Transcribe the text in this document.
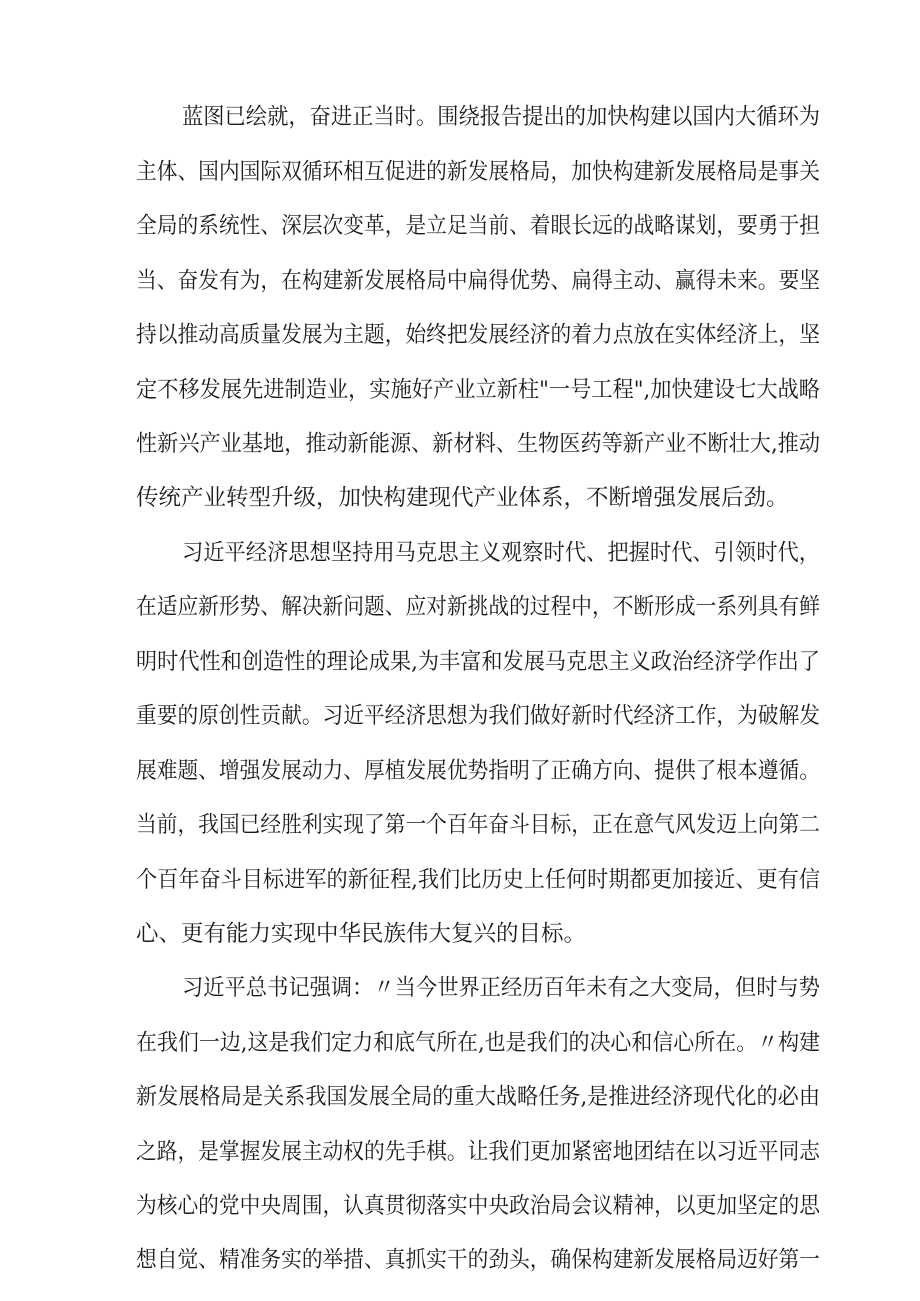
蓝图已绘就，奋进正当时。围绕报告提出的加快构建以国内大循环为
主体、国内国际双循环相互促进的新发展格局，加快构建新发展格局是事关
全局的系统性、深层次变革，是立足当前、着眼长远的战略谋划，要勇于担
当、奋发有为，在构建新发展格局中扁得优势、扁得主动、赢得未来。要坚
持以推动高质量发展为主题，始终把发展经济的着力点放在实体经济上，坚
定不移发展先进制造业，实施好产业立新柱"一号工程",加快建设七大战略
性新兴产业基地，推动新能源、新材料、生物医药等新产业不断壮大,推动
传统产业转型升级，加快构建现代产业体系，不断增强发展后劲。
习近平经济思想坚持用马克思主义观察时代、把握时代、引领时代，
在适应新形势、解决新问题、应对新挑战的过程中，不断形成一系列具有鲜
明时代性和创造性的理论成果,为丰富和发展马克思主义政治经济学作出了
重要的原创性贡献。习近平经济思想为我们做好新时代经济工作，为破解发
展难题、增强发展动力、厚植发展优势指明了正确方向、提供了根本遵循。
当前，我国已经胜利实现了第一个百年奋斗目标，正在意气风发迈上向第二
个百年奋斗目标进军的新征程,我们比历史上任何时期都更加接近、更有信
心、更有能力实现中华民族伟大复兴的目标。
习近平总书记强调：〃当今世界正经历百年未有之大变局，但时与势
在我们一边,这是我们定力和底气所在,也是我们的决心和信心所在。〃构建
新发展格局是关系我国发展全局的重大战略任务,是推进经济现代化的必由
之路，是掌握发展主动权的先手棋。让我们更加紧密地团结在以习近平同志
为核心的党中央周围，认真贯彻落实中央政治局会议精神，以更加坚定的思
想自觉、精准务实的举措、真抓实干的劲头，确保构建新发展格局迈好第一
